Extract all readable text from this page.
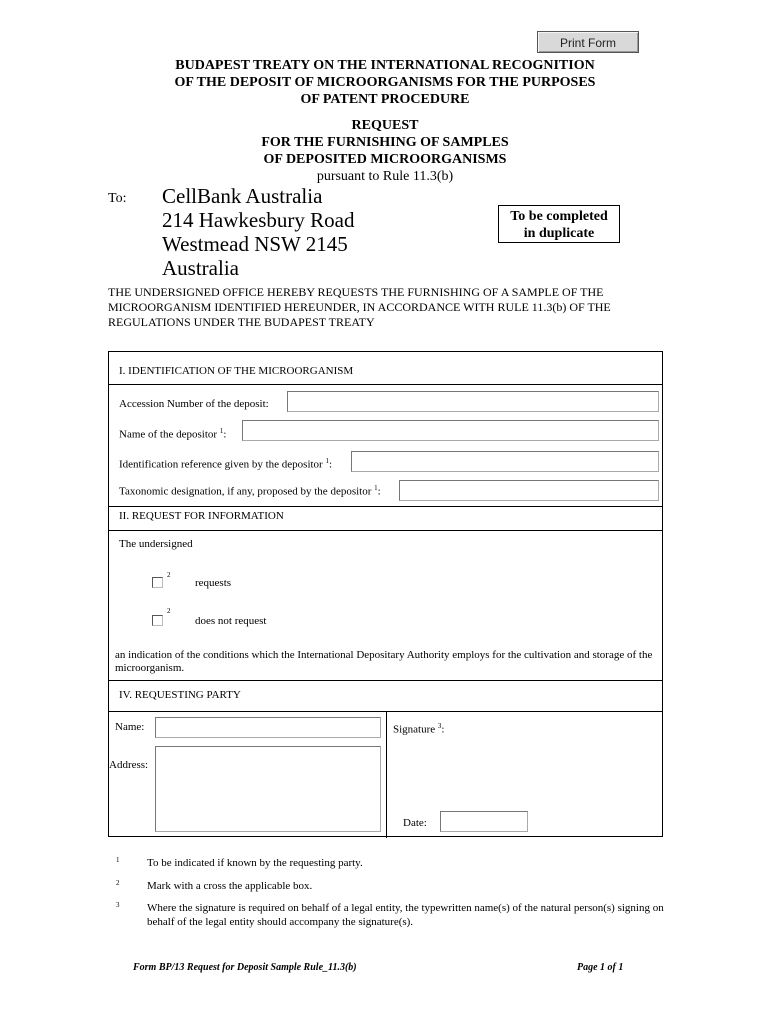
Print Form
BUDAPEST TREATY ON THE INTERNATIONAL RECOGNITION
OF THE DEPOSIT OF MICROORGANISMS FOR THE PURPOSES
OF PATENT PROCEDURE
REQUEST
FOR THE FURNISHING OF SAMPLES
OF DEPOSITED MICROORGANISMS
pursuant to Rule 11.3(b)
To: CellBank Australia
214 Hawkesbury Road
Westmead NSW 2145
Australia
To be completed
in duplicate
THE UNDERSIGNED OFFICE HEREBY REQUESTS THE FURNISHING OF A SAMPLE OF THE MICROORGANISM IDENTIFIED HEREUNDER, IN ACCORDANCE WITH RULE 11.3(b) OF THE REGULATIONS UNDER THE BUDAPEST TREATY
I. IDENTIFICATION OF THE MICROORGANISM
Accession Number of the deposit:
Name of the depositor $^1$:
Identification reference given by the depositor $^1$:
Taxonomic designation, if any, proposed by the depositor $^1$:
II. REQUEST FOR INFORMATION
The undersigned
2
requests
2
does not request
an indication of the conditions which the International Depositary Authority employs for the cultivation and storage of the microorganism.
IV. REQUESTING PARTY
Name:
Address:
Signature $^3$:
Date:
1	To be indicated if known by the requesting party.
2	Mark with a cross the applicable box.
3	Where the signature is required on behalf of a legal entity, the typewritten name(s) of the natural person(s) signing on behalf of the legal entity should accompany the signature(s).
Form BP/13 Request for Deposit Sample Rule_11.3(b)	Page 1 of 1
